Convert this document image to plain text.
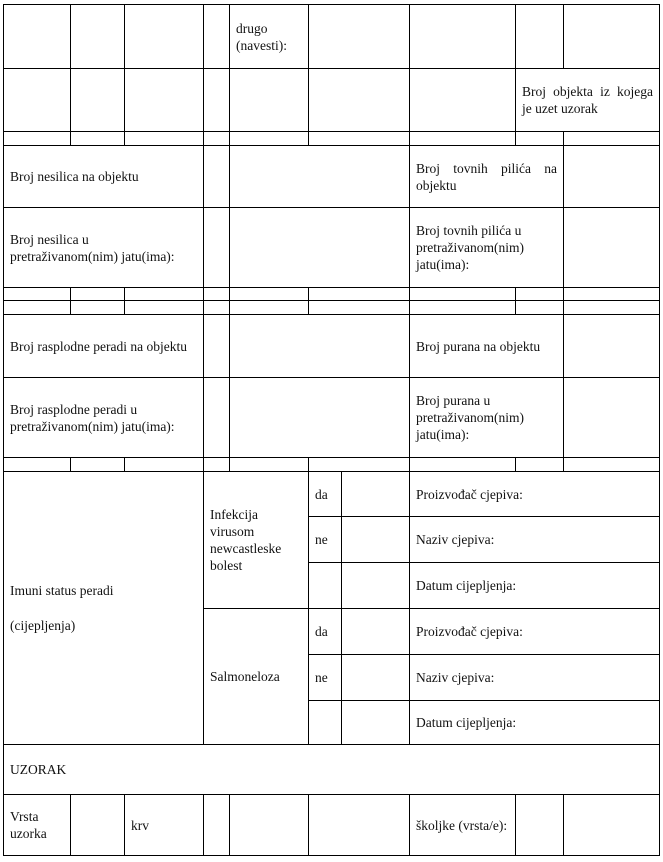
				drugo (navesti):					
								Broj objekta iz kojega je uzet uzorak	

Broj nesilica na objektu							Broj tovnih pilića na objektu		
Broj nesilica u pretraživanom(nim) jatu(ima):							Broj tovnih pilića u pretraživanom(nim) jatu(ima):		

Broj rasplodne peradi na objektu							Broj purana na objektu		
Broj rasplodne peradi u pretraživanom(nim) jatu(ima):							Broj purana u pretraživanom(nim) jatu(ima):		

Imuni status peradi
(cijepljenja)			Infekcija virusom newcastleske bolest		da		Proizvođač cjepiva:		
					ne		Naziv cjepiva:		
							Datum cijepljenja:		
			Salmoneloza		da		Proizvođač cjepiva:		
					ne		Naziv cjepiva:		
							Datum cijepljenja:		
UZORAK									
Vrsta uzorka		krv					školjke (vrsta/e):		
